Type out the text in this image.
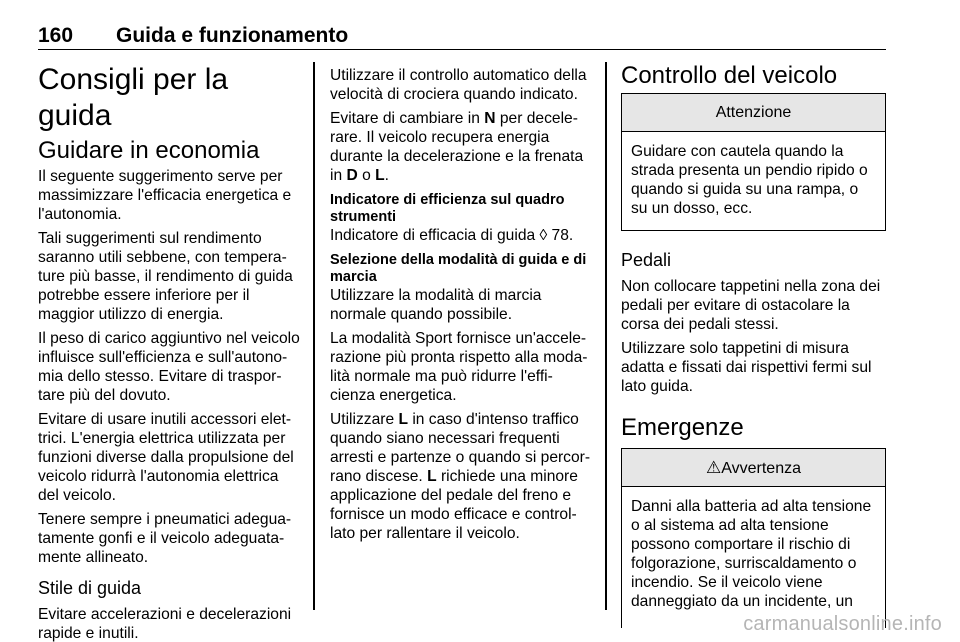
160 Guida e funzionamento
Consigli per la guida
Guidare in economia

Il seguente suggerimento serve per massimizzare l'efficacia energetica e l'autonomia.

Tali suggerimenti sul rendimento saranno utili sebbene, con tempera-ture più basse, il rendimento di guida potrebbe essere inferiore per il maggior utilizzo di energia.

Il peso di carico aggiuntivo nel veicolo influisce sull'efficienza e sull'autono-mia dello stesso. Evitare di traspor-tare più del dovuto.

Evitare di usare inutili accessori elet-trici. L'energia elettrica utilizzata per funzioni diverse dalla propulsione del veicolo ridurrà l'autonomia elettrica del veicolo.

Tenere sempre i pneumatici adegua-tamente gonfi e il veicolo adeguata-mente allineato.

Stile di guida

Evitare accelerazioni e decelerazioni rapide e inutili.

Utilizzare il controllo automatico della velocità di crociera quando indicato.

Evitare di cambiare in N per decele-rare. Il veicolo recupera energia durante la decelerazione e la frenata in D o L.

Indicatore di efficienza sul quadro strumenti

Indicatore di efficacia di guida ◊ 78.

Selezione della modalità di guida e di marcia

Utilizzare la modalità di marcia normale quando possibile.

La modalità Sport fornisce un'accele-razione più pronta rispetto alla moda-lità normale ma può ridurre l'effi-cienza energetica.

Utilizzare L in caso d'intenso traffico quando siano necessari frequenti arresti e partenze o quando si percor-rano discese. L richiede una minore applicazione del pedale del freno e fornisce un modo efficace e control-lato per rallentare il veicolo.

Controllo del veicolo
Attenzione

Guidare con cautela quando la strada presenta un pendio ripido o quando si guida su una rampa, o su un dosso, ecc.

Pedali

Non collocare tappetini nella zona dei pedali per evitare di ostacolare la corsa dei pedali stessi.

Utilizzare solo tappetini di misura adatta e fissati dai rispettivi fermi sul lato guida.

Emergenze
⚠Avvertenza

Danni alla batteria ad alta tensione o al sistema ad alta tensione possono comportare il rischio di folgorazione, surriscaldamento o incendio. Se il veicolo viene danneggiato da un incidente, un

carmanualsonline.info
